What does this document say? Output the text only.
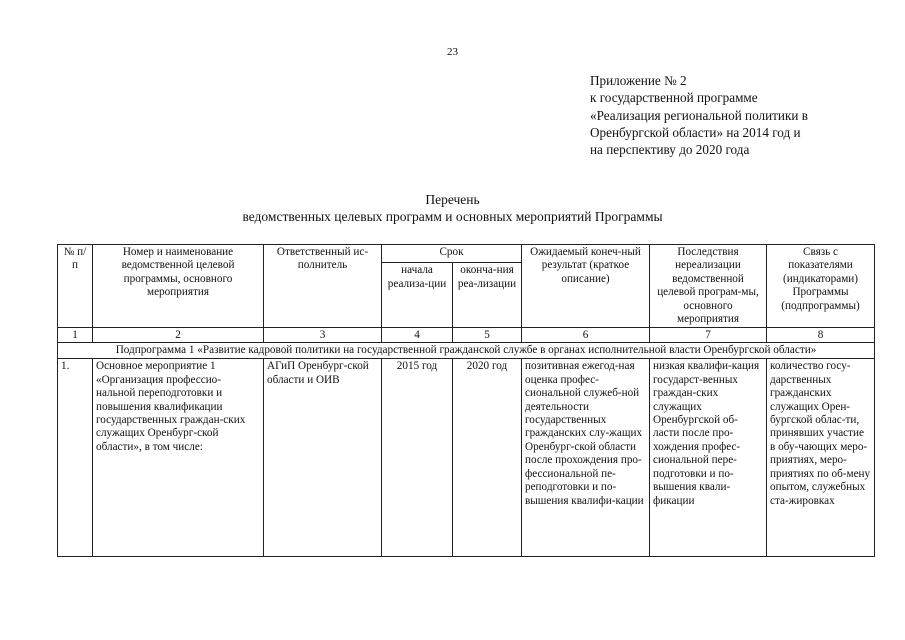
23
Приложение № 2
к государственной программе
«Реализация региональной политики в
Оренбургской области» на 2014 год и
на перспективу до 2020 года
Перечень
ведомственных целевых программ и основных мероприятий Программы
№ п/п	Номер и наименование ведомственной целевой программы, основного мероприятия	Ответственный ис-полнитель	Срок		Ожидаемый конеч-ный результат (краткое описание)	Последствия нереализации ведомственной целевой програм-мы, основного мероприятия	Связь с показателями (индикаторами) Программы (подпрограммы)
			начала реализа-ции	оконча-ния реа-лизации			
1	2	3	4	5	6	7	8
Подпрограмма 1 «Развитие кадровой политики на государственной гражданской службе в органах исполнительной власти Оренбургской области»							
1.	Основное мероприятие 1 «Организация профессио-нальной переподготовки и повышения квалификации государственных граждан-ских служащих Оренбург-ской области», в том числе:	АГиП Оренбург-ской области и ОИВ	2015 год	2020 год	позитивная ежегод-ная оценка профес-сиональной служеб-ной деятельности государственных гражданских слу-жащих Оренбург-ской области после прохождения про-фессиональной пе-реподготовки и по-вышения квалифи-кации	низкая квалифи-кация государст-венных граждан-ских служащих Оренбургской об-ласти после про-хождения профес-сиональной пере-подготовки и по-вышения квали-фикации	количество госу-дарственных гражданских служащих Орен-бургской облас-ти, принявших участие в обу-чающих меро-приятиях, меро-приятиях по об-мену опытом, служебных ста-жировках
